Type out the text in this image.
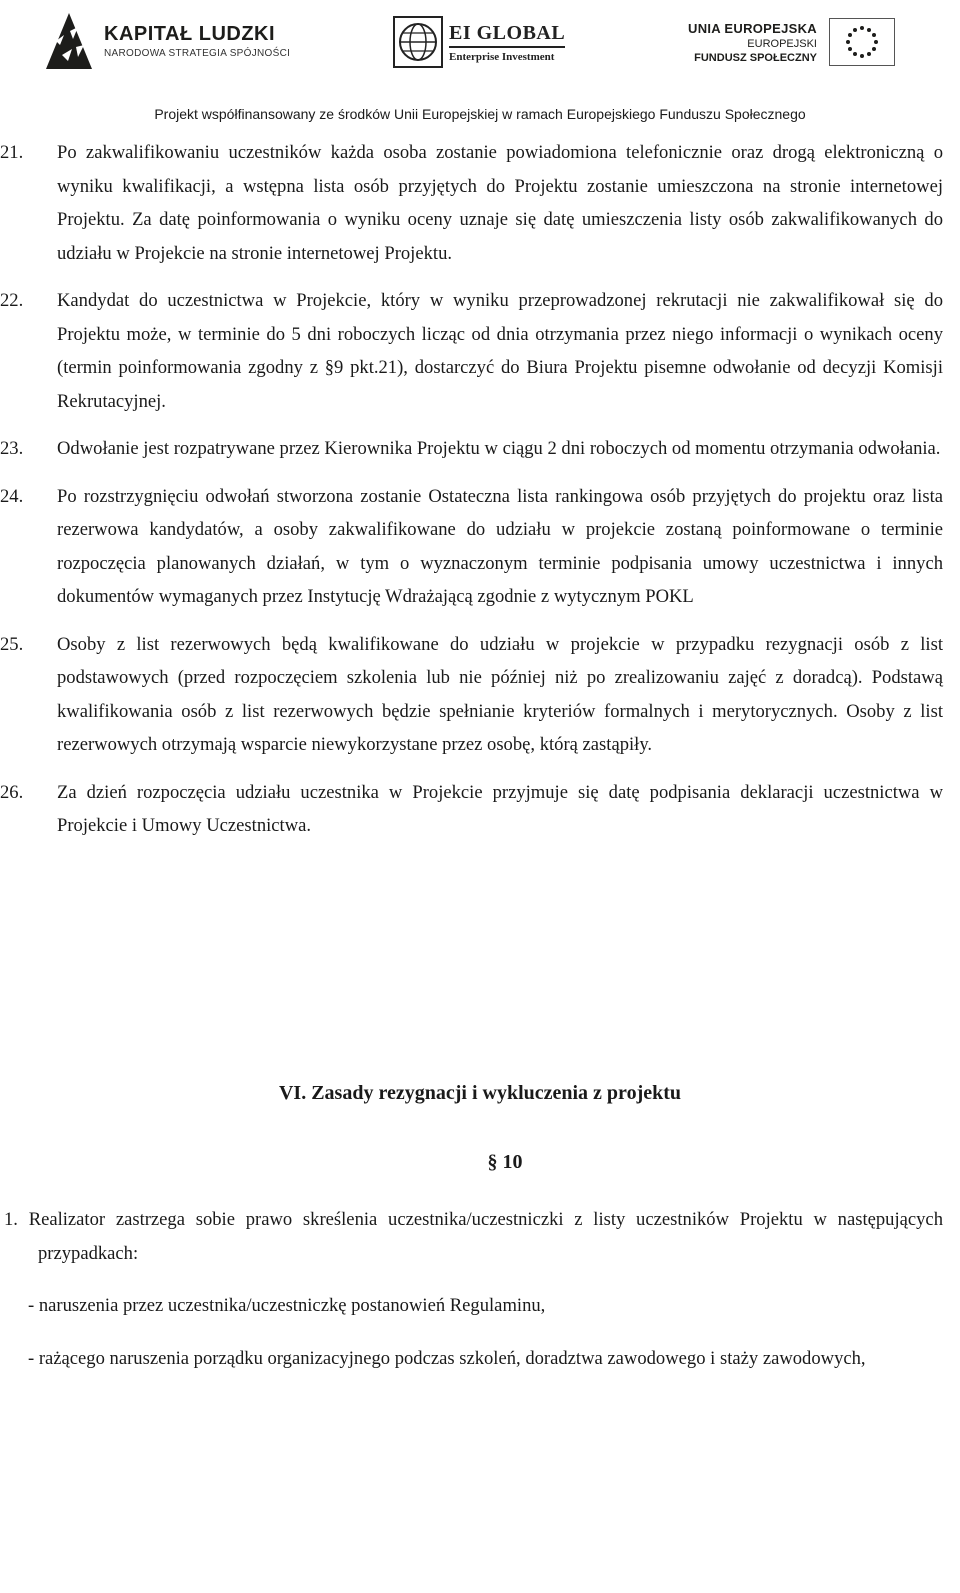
KAPITAŁ LUDZKI
NARODOWA STRATEGIA SPÓJNOŚCI
EI GLOBAL
Enterprise Investment
UNIA EUROPEJSKA
EUROPEJSKI
FUNDUSZ SPOŁECZNY
Projekt współfinansowany ze środków Unii Europejskiej w ramach Europejskiego Funduszu Społecznego
21. Po zakwalifikowaniu uczestników każda osoba zostanie powiadomiona telefonicznie oraz drogą elektroniczną o wyniku kwalifikacji, a wstępna lista osób przyjętych do Projektu zostanie umieszczona na stronie internetowej Projektu. Za datę poinformowania o wyniku oceny uznaje się datę umieszczenia listy osób zakwalifikowanych do udziału w Projekcie na stronie internetowej Projektu.
22. Kandydat do uczestnictwa w Projekcie, który w wyniku przeprowadzonej rekrutacji nie zakwalifikował się do Projektu może, w terminie do 5 dni roboczych licząc od dnia otrzymania przez niego informacji o wynikach oceny (termin poinformowania zgodny z §9 pkt.21), dostarczyć do Biura Projektu pisemne odwołanie od decyzji Komisji Rekrutacyjnej.
23. Odwołanie jest rozpatrywane przez Kierownika Projektu w ciągu 2 dni roboczych od momentu otrzymania odwołania.
24. Po rozstrzygnięciu odwołań stworzona zostanie Ostateczna lista rankingowa osób przyjętych do projektu oraz lista rezerwowa kandydatów, a osoby zakwalifikowane do udziału w projekcie zostaną poinformowane o terminie rozpoczęcia planowanych działań, w tym o wyznaczonym terminie podpisania umowy uczestnictwa i innych dokumentów wymaganych przez Instytucję Wdrażającą zgodnie z wytycznym POKL
25. Osoby z list rezerwowych będą kwalifikowane do udziału w projekcie w przypadku rezygnacji osób z list podstawowych (przed rozpoczęciem szkolenia lub nie później niż po zrealizowaniu zajęć z doradcą). Podstawą kwalifikowania osób z list rezerwowych będzie spełnianie kryteriów formalnych i merytorycznych. Osoby z list rezerwowych otrzymają wsparcie niewykorzystane przez osobę, którą zastąpiły.
26. Za dzień rozpoczęcia udziału uczestnika w Projekcie przyjmuje się datę podpisania deklaracji uczestnictwa w Projekcie i Umowy Uczestnictwa.
VI. Zasady rezygnacji i wykluczenia z projektu
§ 10
1. Realizator zastrzega sobie prawo skreślenia uczestnika/uczestniczki z listy uczestników Projektu w następujących przypadkach:
- naruszenia przez uczestnika/uczestniczkę postanowień Regulaminu,
- rażącego naruszenia porządku organizacyjnego podczas szkoleń, doradztwa zawodowego i staży zawodowych,
